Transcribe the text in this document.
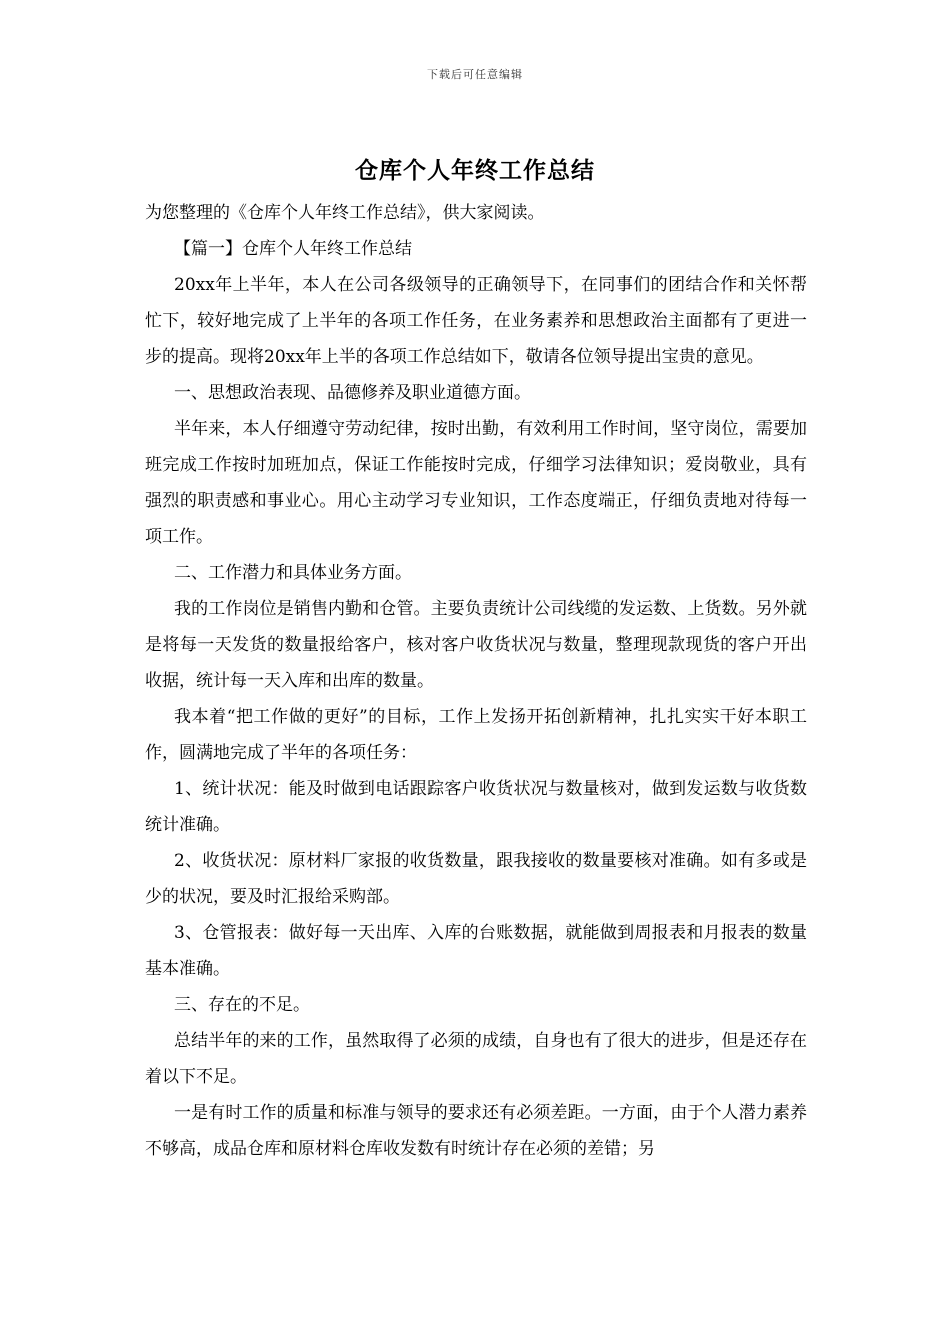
下载后可任意编辑
仓库个人年终工作总结

为您整理的《仓库个人年终工作总结》，供大家阅读。

【篇一】仓库个人年终工作总结

20xx年上半年，本人在公司各级领导的正确领导下，在同事们的团结合作和关怀帮忙下，较好地完成了上半年的各项工作任务，在业务素养和思想政治主面都有了更进一步的提高。现将20xx年上半的各项工作总结如下，敬请各位领导提出宝贵的意见。

一、思想政治表现、品德修养及职业道德方面。

半年来，本人仔细遵守劳动纪律，按时出勤，有效利用工作时间，坚守岗位，需要加班完成工作按时加班加点，保证工作能按时完成，仔细学习法律知识；爱岗敬业，具有强烈的职责感和事业心。用心主动学习专业知识，工作态度端正，仔细负责地对待每一项工作。

二、工作潜力和具体业务方面。

我的工作岗位是销售内勤和仓管。主要负责统计公司线缆的发运数、上货数。另外就是将每一天发货的数量报给客户，核对客户收货状况与数量，整理现款现货的客户开出收据，统计每一天入库和出库的数量。

我本着“把工作做的更好”的目标，工作上发扬开拓创新精神，扎扎实实干好本职工作，圆满地完成了半年的各项任务：

1、统计状况：能及时做到电话跟踪客户收货状况与数量核对，做到发运数与收货数统计准确。

2、收货状况：原材料厂家报的收货数量，跟我接收的数量要核对准确。如有多或是少的状况，要及时汇报给采购部。

3、仓管报表：做好每一天出库、入库的台账数据，就能做到周报表和月报表的数量基本准确。

三、存在的不足。

总结半年的来的工作，虽然取得了必须的成绩，自身也有了很大的进步，但是还存在着以下不足。

一是有时工作的质量和标准与领导的要求还有必须差距。一方面，由于个人潜力素养不够高，成品仓库和原材料仓库收发数有时统计存在必须的差错；另
